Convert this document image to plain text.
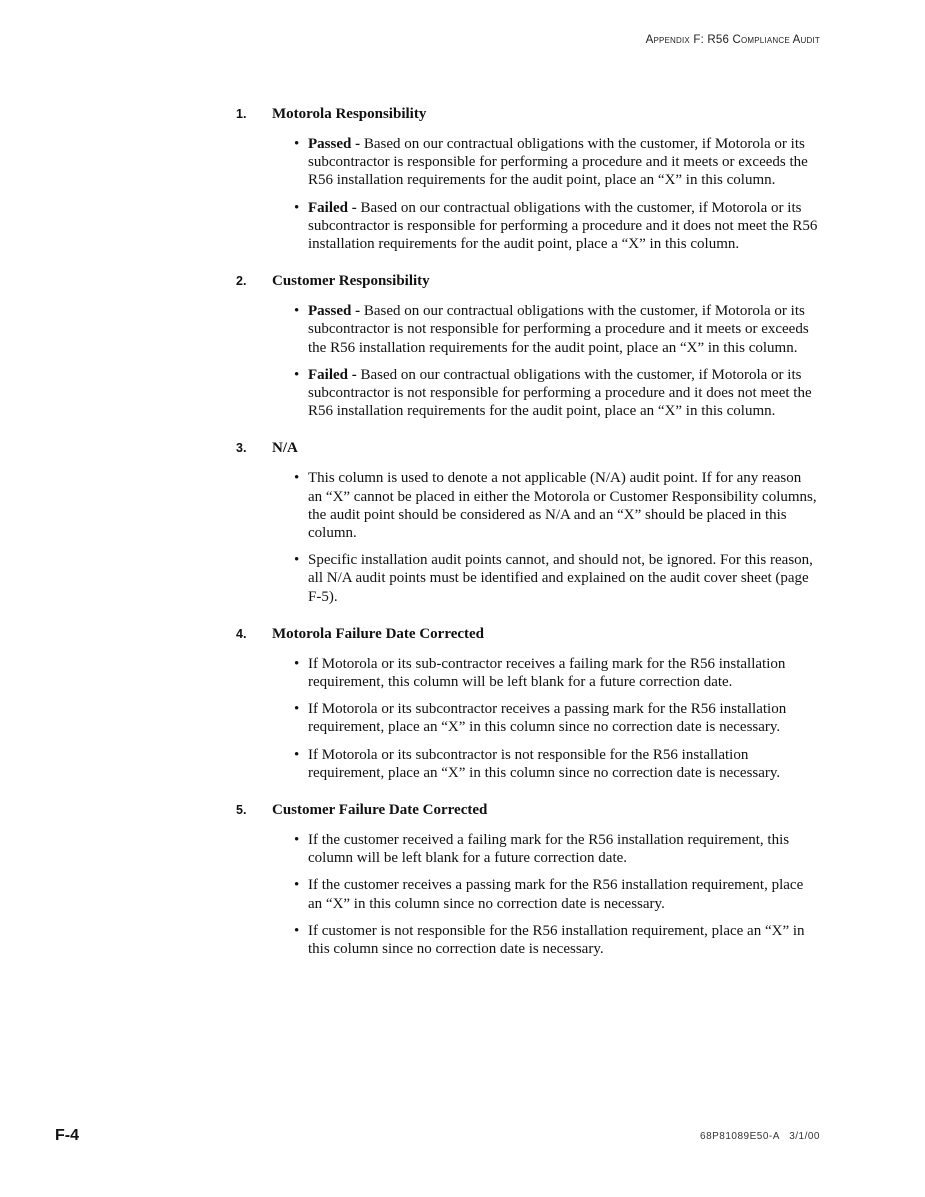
Appendix F: R56 Compliance Audit
1.	Motorola Responsibility
• Passed - Based on our contractual obligations with the customer, if Motorola or its subcontractor is responsible for performing a procedure and it meets or exceeds the R56 installation requirements for the audit point, place an “X” in this column.
• Failed - Based on our contractual obligations with the customer, if Motorola or its subcontractor is responsible for performing a procedure and it does not meet the R56 installation requirements for the audit point, place a “X” in this column.
2.	Customer Responsibility
• Passed - Based on our contractual obligations with the customer, if Motorola or its subcontractor is not responsible for performing a procedure and it meets or exceeds the R56 installation requirements for the audit point, place an “X” in this column.
• Failed - Based on our contractual obligations with the customer, if Motorola or its subcontractor is not responsible for performing a procedure and it does not meet the R56 installation requirements for the audit point, place an “X” in this column.
3.	N/A
• This column is used to denote a not applicable (N/A) audit point. If for any reason an “X” cannot be placed in either the Motorola or Customer Responsibility columns, the audit point should be considered as N/A and an “X” should be placed in this column.
• Specific installation audit points cannot, and should not, be ignored. For this reason, all N/A audit points must be identified and explained on the audit cover sheet (page F-5).
4.	Motorola Failure Date Corrected
• If Motorola or its sub-contractor receives a failing mark for the R56 installation requirement, this column will be left blank for a future correction date.
• If Motorola or its subcontractor receives a passing mark for the R56 installation requirement, place an “X” in this column since no correction date is necessary.
• If Motorola or its subcontractor is not responsible for the R56 installation requirement, place an “X” in this column since no correction date is necessary.
5.	Customer Failure Date Corrected
• If the customer received a failing mark for the R56 installation requirement, this column will be left blank for a future correction date.
• If the customer receives a passing mark for the R56 installation requirement, place an “X” in this column since no correction date is necessary.
• If customer is not responsible for the R56 installation requirement, place an “X” in this column since no correction date is necessary.
F-4	68P81089E50-A   3/1/00
